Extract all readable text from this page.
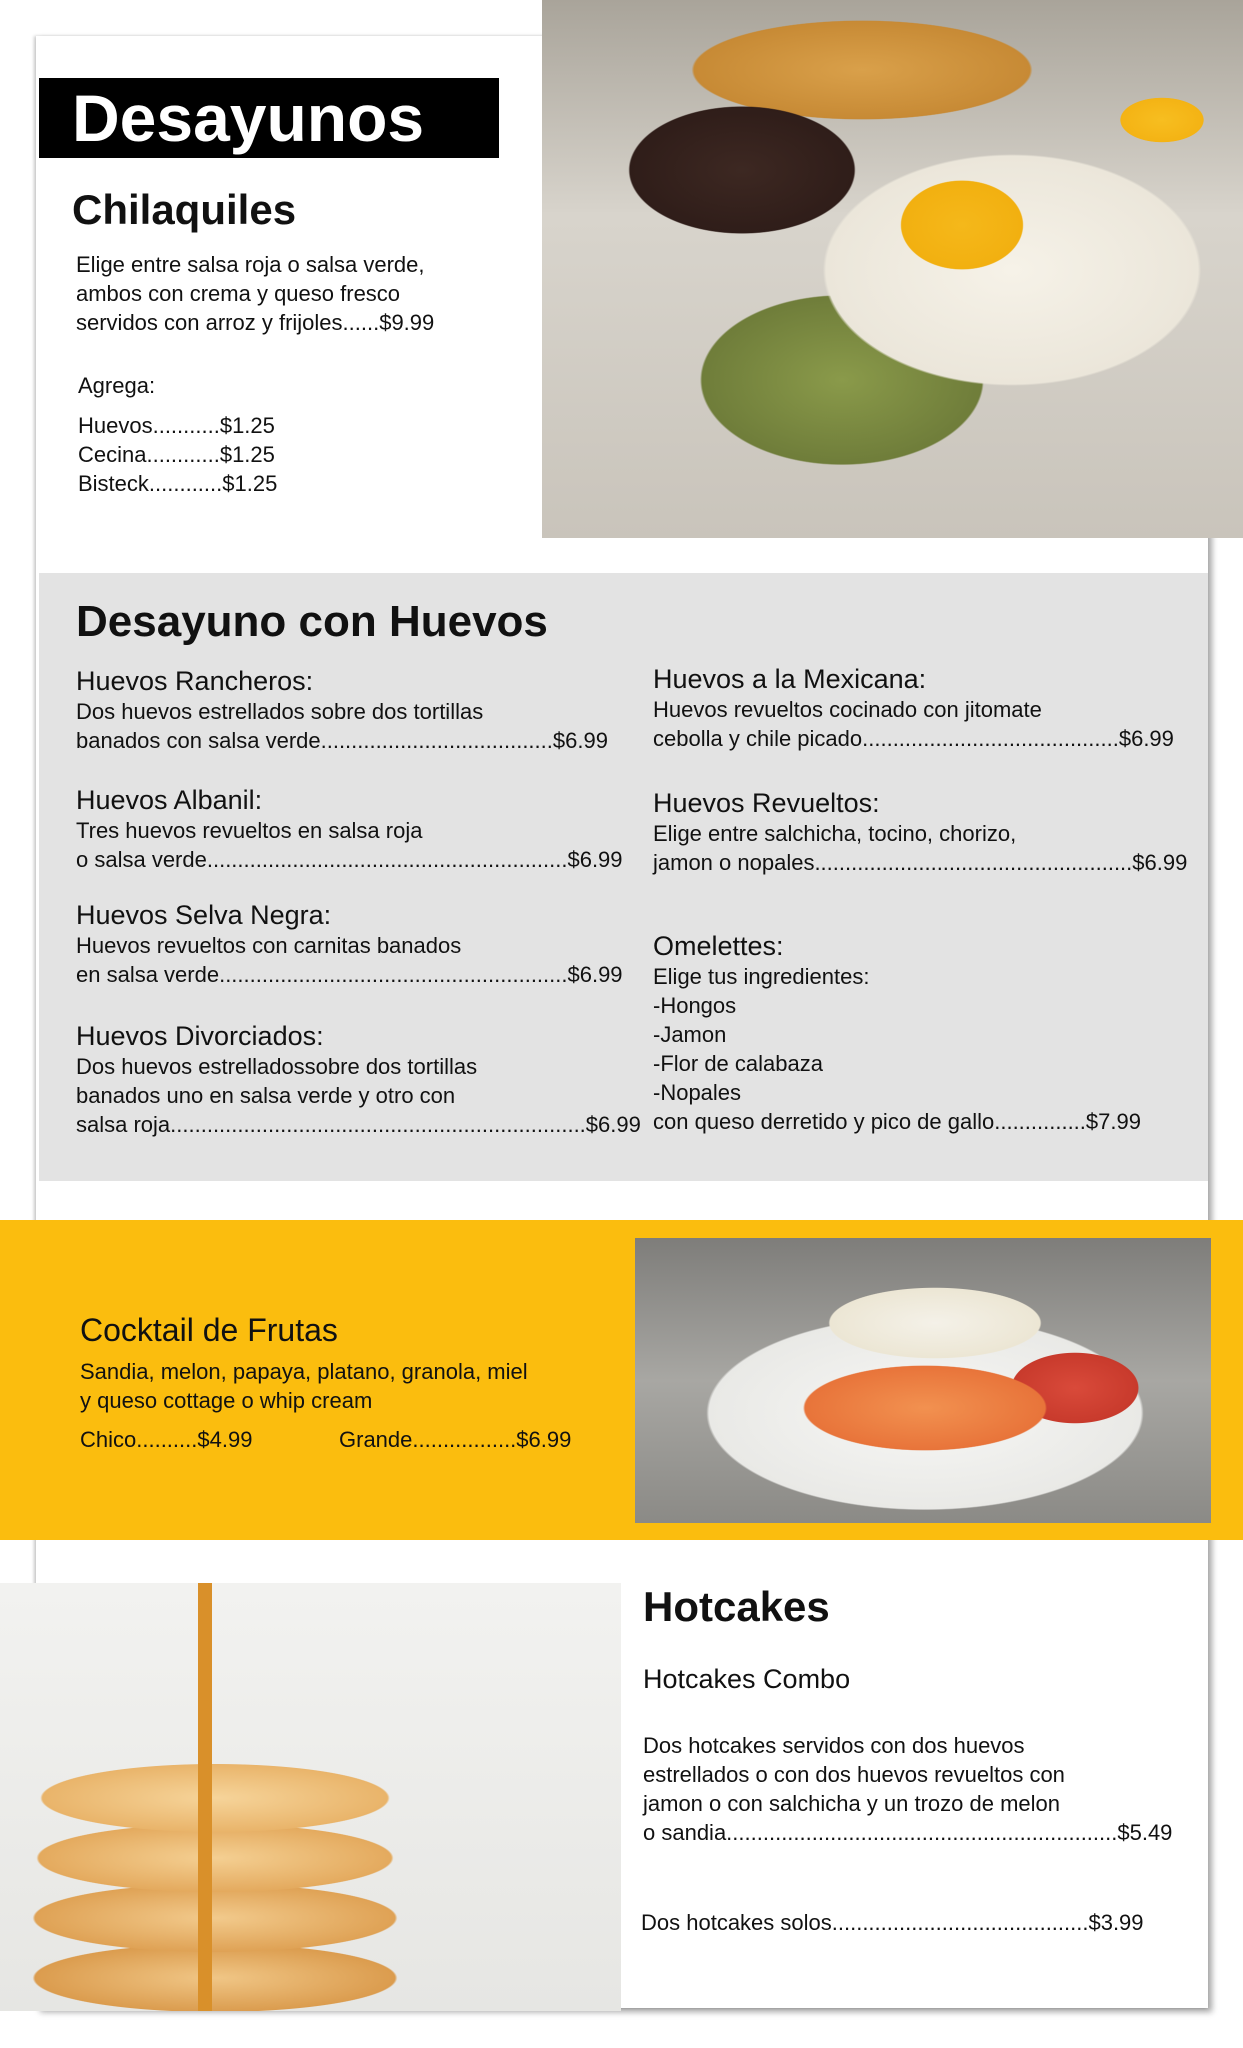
Desayunos
Chilaquiles
Elige entre salsa roja o salsa verde,
ambos con crema y queso fresco
servidos con arroz y frijoles......$9.99
Agrega:
Huevos...........$1.25
Cecina............$1.25
Bisteck............$1.25
Desayuno con Huevos
Huevos Rancheros:
Dos huevos estrellados sobre dos tortillas
banados con salsa verde......................................$6.99
Huevos Albanil:
Tres huevos revueltos en salsa roja
o salsa verde...........................................................$6.99
Huevos Selva Negra:
Huevos revueltos con carnitas banados
en salsa verde.........................................................$6.99
Huevos Divorciados:
Dos huevos estrelladossobre dos tortillas
banados uno en salsa verde y otro con
salsa roja....................................................................$6.99
Huevos a la Mexicana:
Huevos revueltos cocinado con jitomate
cebolla y chile picado..........................................$6.99
Huevos Revueltos:
Elige entre salchicha, tocino, chorizo,
jamon o nopales....................................................$6.99
Omelettes:
Elige tus ingredientes:
-Hongos
-Jamon
-Flor de calabaza
-Nopales
con queso derretido y pico de gallo...............$7.99
Cocktail de Frutas
Sandia, melon, papaya, platano, granola, miel
y queso cottage o whip cream
Chico..........$4.99	Grande.................$6.99
Hotcakes
Hotcakes Combo
Dos hotcakes servidos con dos huevos
estrellados o con dos huevos revueltos con
jamon o con salchicha y un trozo de melon
o sandia................................................................$5.49
Dos hotcakes solos..........................................$3.99
